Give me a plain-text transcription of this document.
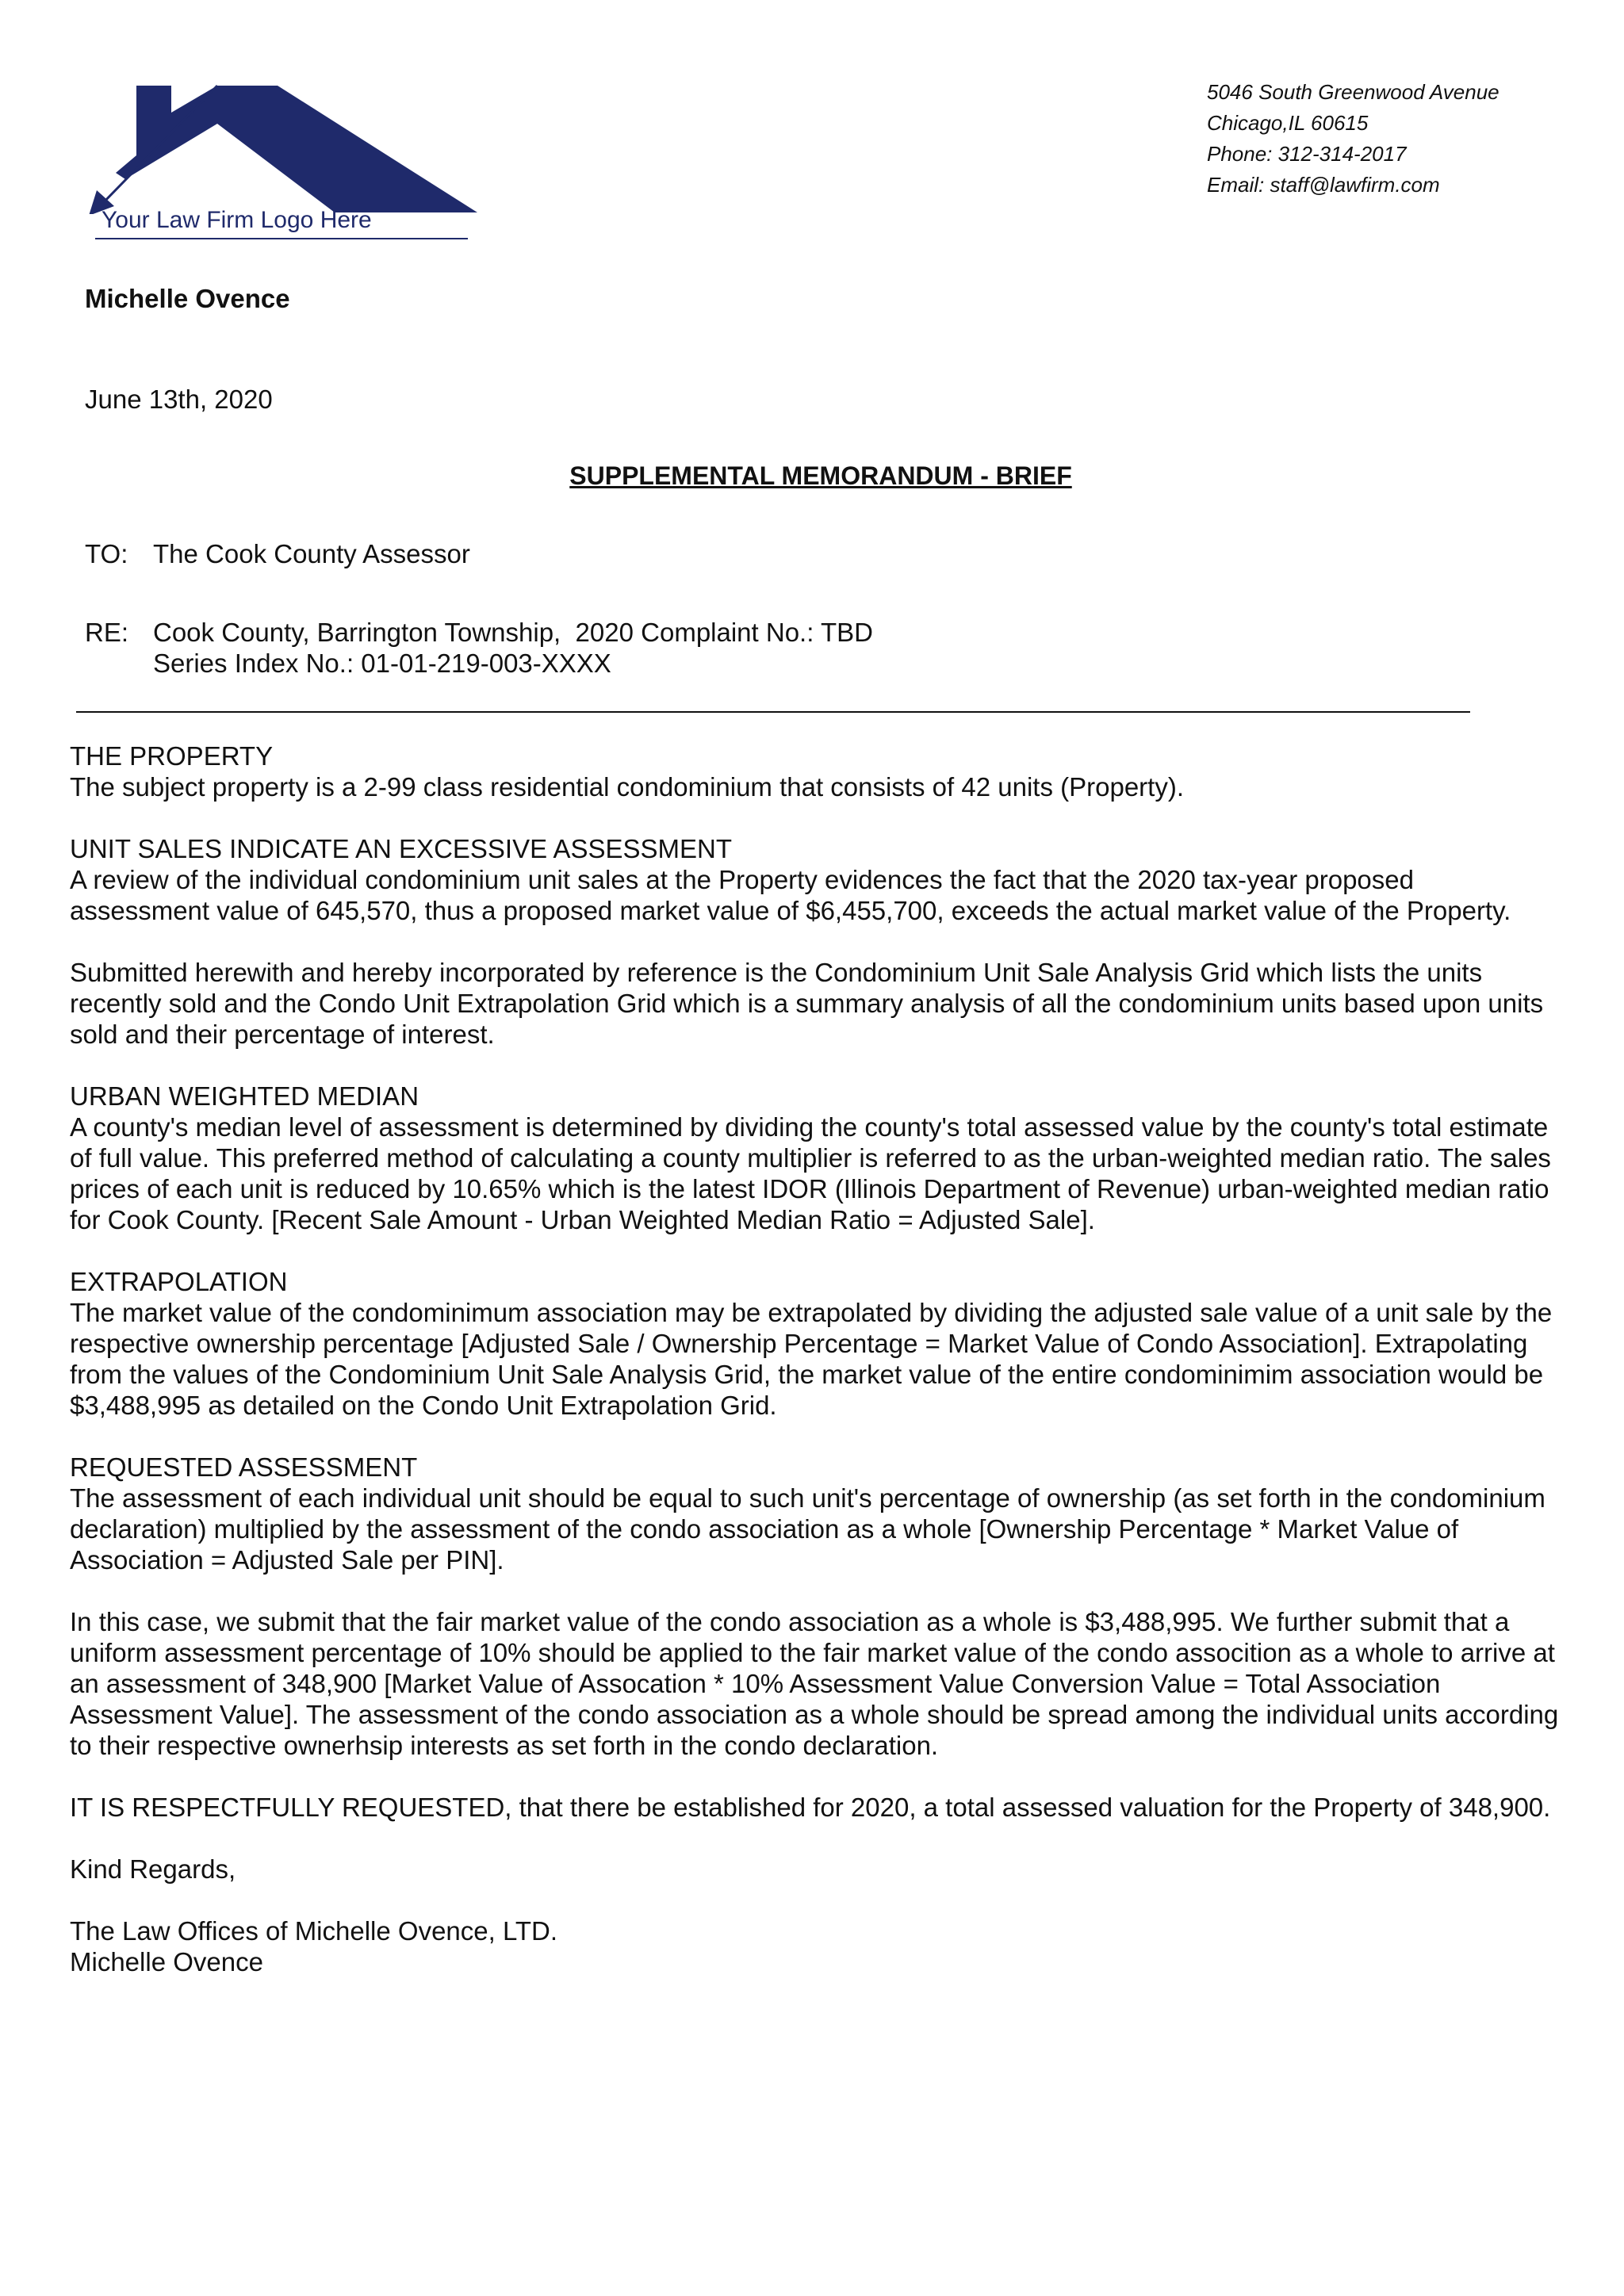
Your Law Firm Logo Here
5046 South Greenwood Avenue
Chicago,IL 60615
Phone: 312-314-2017
Email: staff@lawfirm.com
Michelle Ovence
June 13th, 2020
SUPPLEMENTAL MEMORANDUM - BRIEF
TO: The Cook County Assessor
RE: Cook County, Barrington Township,  2020 Complaint No.: TBD
Series Index No.: 01-01-219-003-XXXX

THE PROPERTY
The subject property is a 2-99 class residential condominium that consists of 42 units (Property).

UNIT SALES INDICATE AN EXCESSIVE ASSESSMENT
A review of the individual condominium unit sales at the Property evidences the fact that the 2020 tax-year proposed assessment value of 645,570, thus a proposed market value of $6,455,700, exceeds the actual market value of the Property.

Submitted herewith and hereby incorporated by reference is the Condominium Unit Sale Analysis Grid which lists the units recently sold and the Condo Unit Extrapolation Grid which is a summary analysis of all the condominium units based upon units sold and their percentage of interest.

URBAN WEIGHTED MEDIAN
A county's median level of assessment is determined by dividing the county's total assessed value by the county's total estimate of full value. This preferred method of calculating a county multiplier is referred to as the urban-weighted median ratio. The sales prices of each unit is reduced by 10.65% which is the latest IDOR (Illinois Department of Revenue) urban-weighted median ratio for Cook County. [Recent Sale Amount - Urban Weighted Median Ratio = Adjusted Sale].

EXTRAPOLATION
The market value of the condominimum association may be extrapolated by dividing the adjusted sale value of a unit sale by the respective ownership percentage [Adjusted Sale / Ownership Percentage = Market Value of Condo Association]. Extrapolating from the values of the Condominium Unit Sale Analysis Grid, the market value of the entire condominimim association would be $3,488,995 as detailed on the Condo Unit Extrapolation Grid.

REQUESTED ASSESSMENT
The assessment of each individual unit should be equal to such unit's percentage of ownership (as set forth in the condominium declaration) multiplied by the assessment of the condo association as a whole [Ownership Percentage * Market Value of Association = Adjusted Sale per PIN].

In this case, we submit that the fair market value of the condo association as a whole is $3,488,995. We further submit that a uniform assessment percentage of 10% should be applied to the fair market value of the condo assocition as a whole to arrive at an assessment of 348,900 [Market Value of Assocation * 10% Assessment Value Conversion Value = Total Association Assessment Value]. The assessment of the condo association as a whole should be spread among the individual units according to their respective ownerhsip interests as set forth in the condo declaration.

IT IS RESPECTFULLY REQUESTED, that there be established for 2020, a total assessed valuation for the Property of 348,900.

Kind Regards,

The Law Offices of Michelle Ovence, LTD.
Michelle Ovence
